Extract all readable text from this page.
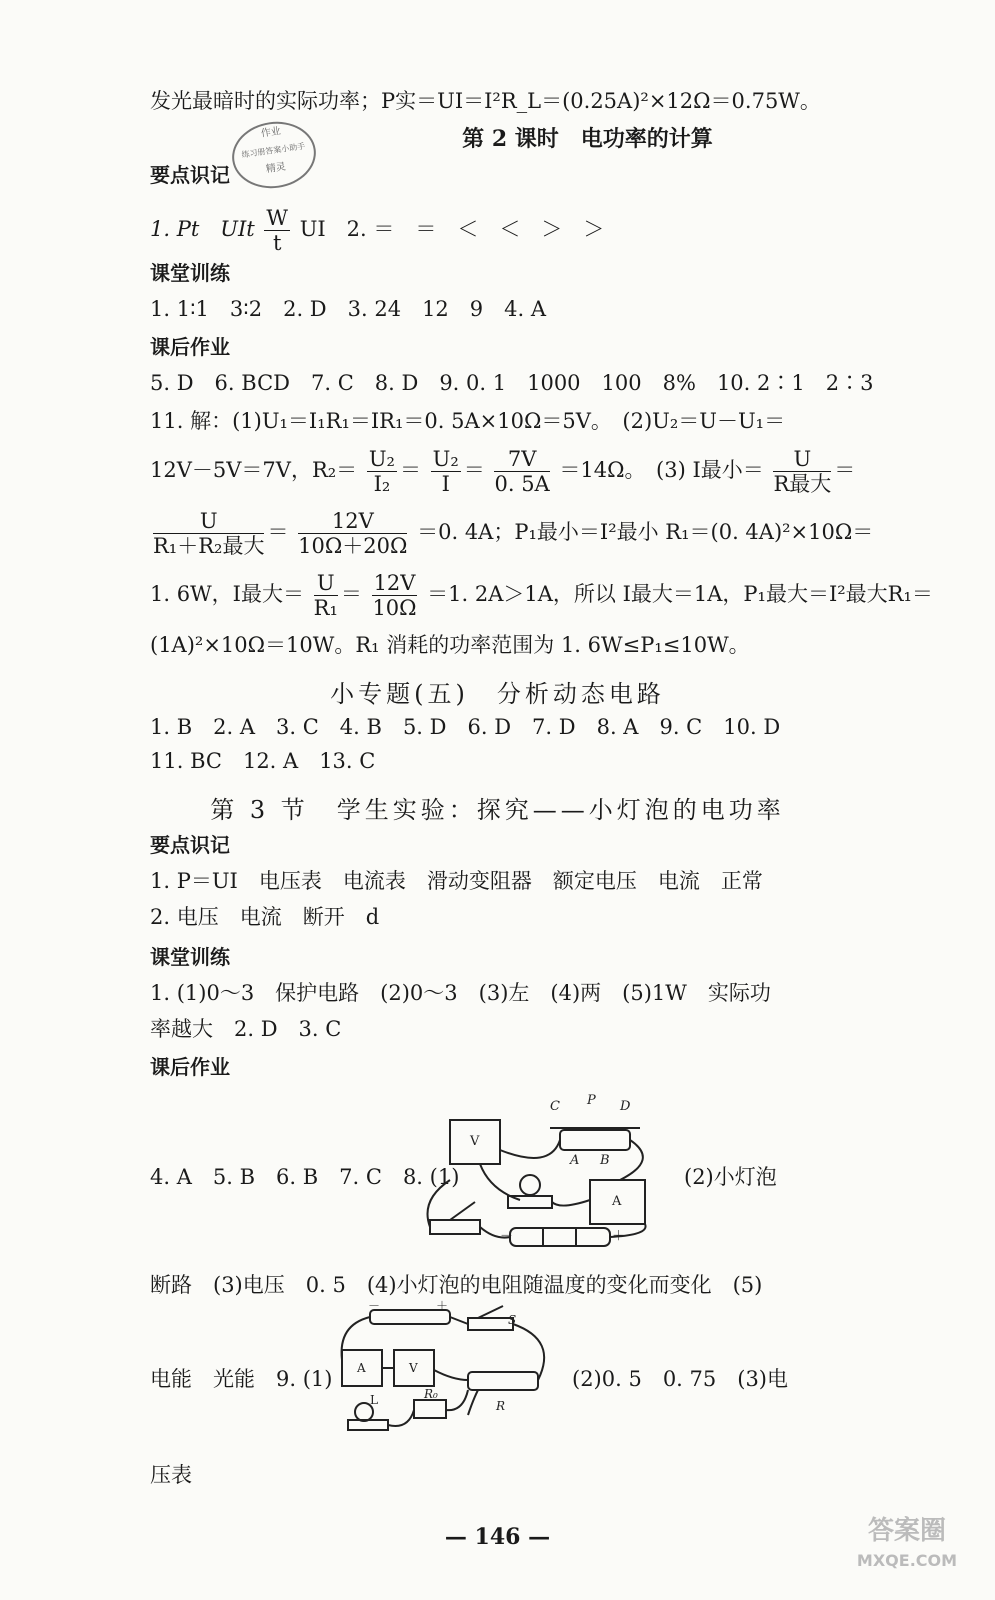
发光最暗时的实际功率；P实＝UI＝I²R_L＝(0.25A)²×12Ω＝0.75W。
作业
练习册答案小助手
精灵
第 2 课时　电功率的计算
要点识记
1. Pt　UIt $\frac{W}{t}$ UI　2. ＝　＝　＜　＜　＞　＞
课堂训练
1. 1∶1　3∶2　2. D　3. 24　12　9　4. A
课后作业
5. D　6. BCD　7. C　8. D　9. 0. 1　1000　100　8%　10. 2∶1　2∶3
11. 解：(1)U₁＝I₁R₁＝IR₁＝0. 5A×10Ω＝5V。　(2)U₂＝U－U₁＝
12V－5V＝7V，$R_2= \frac{\text{U₂}}{\text{I₂}} = \frac{\text{U₂}}{I} = \frac{7V}{0. 5A} =14\Omega$。　(3) I最小＝ $\frac{U}{\text{R最大}}$ ＝
$\frac{U}{\text{R₁＋R₂最大}} = \frac{12V}{10\Omega+20\Omega} =0$. 4A；P₁最小＝I²最小 R₁＝(0. 4A)²×10Ω＝
1. 6W，I最大＝ $\frac{U}{\text{R₁}} = \frac{12V}{10\Omega} =1$. 2A＞1A，所以 I最大＝1A，P₁最大＝I²最大R₁＝
(1A)²×10Ω＝10W。R₁ 消耗的功率范围为 1. 6W≤P₁≤10W。
小专题(五)　分析动态电路
1. B　2. A　3. C　4. B　5. D　6. D　7. D　8. A　9. C　10. D
11. BC　12. A　13. C
第 3 节　学生实验：探究——小灯泡的电功率
要点识记
1. P＝UI　电压表　电流表　滑动变阻器　额定电压　电流　正常
2. 电压　电流　断开　d
课堂训练
1. (1)0～3　保护电路　(2)0～3　(3)左　(4)两　(5)1W　实际功
率越大　2. D　3. C
课后作业
4. A　5. B　6. B　7. C　8. (1)	(2)小灯泡
C P D
A B
V
A
－	＋
断路　(3)电压　0. 5　(4)小灯泡的电阻随温度的变化而变化　(5)
电能　光能　9. (1)	(2)0. 5　0. 75　(3)电
－	＋
S
A	V
R₀
L	R
压表
— 146 —	答案圈
MXQE.COM
